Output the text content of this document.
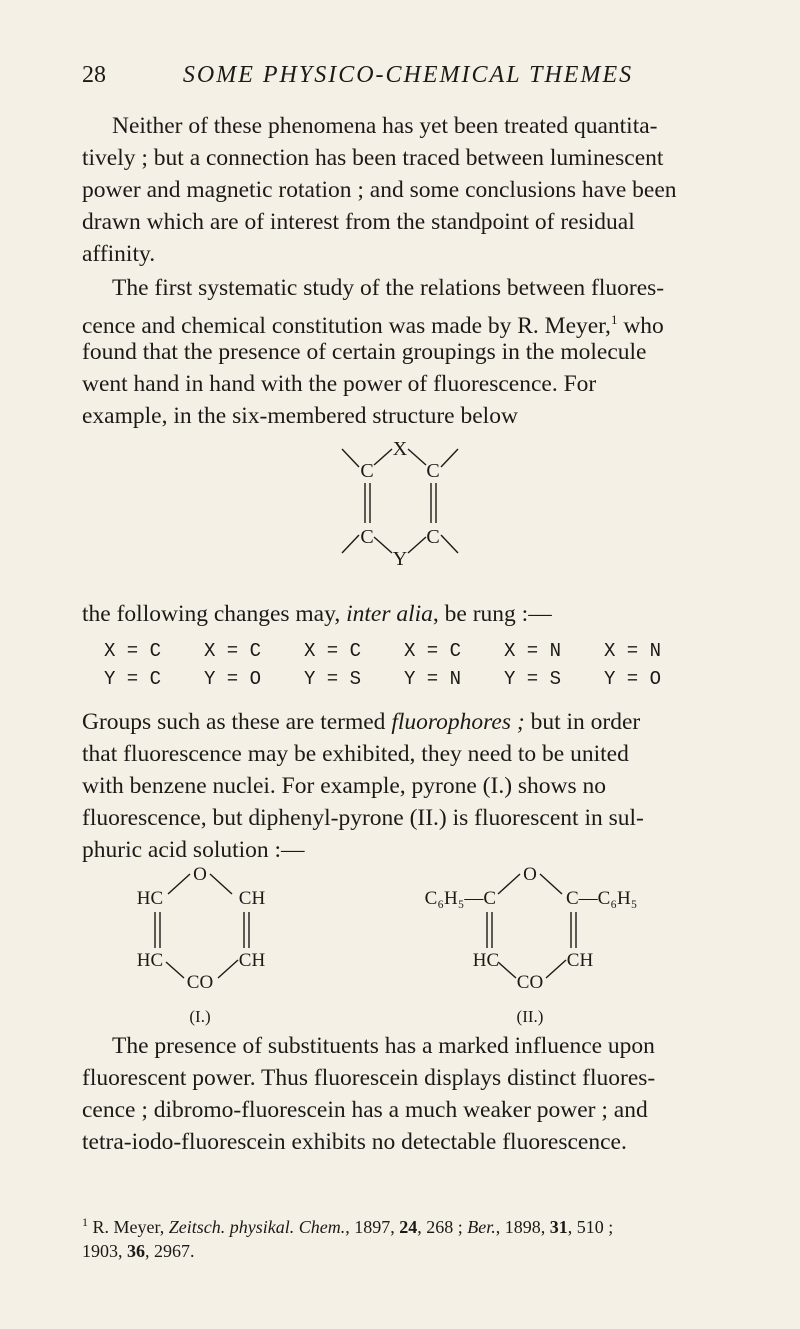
28	SOME PHYSICO-CHEMICAL THEMES
Neither of these phenomena has yet been treated quantita-
tively ; but a connection has been traced between luminescent
power and magnetic rotation ; and some conclusions have been
drawn which are of interest from the standpoint of residual
affinity.
The first systematic study of the relations between fluores-
cence and chemical constitution was made by R. Meyer,$^1$ who
found that the presence of certain groupings in the molecule
went hand in hand with the power of fluorescence. For
example, in the six-membered structure below
X
C	C
C	C
Y
the following changes may, inter alia, be rung :—
X = C	X = C	X = C	X = C	X = N	X = N
Y = C	Y = O	Y = S	Y = N	Y = S	Y = O
Groups such as these are termed fluorophores ; but in order
that fluorescence may be exhibited, they need to be united
with benzene nuclei. For example, pyrone (I.) shows no
fluorescence, but diphenyl-pyrone (II.) is fluorescent in sul-
phuric acid solution :—
O
HC	CH
HC	CH
CO
(I.)
O
C₆H₅—C	C—C₆H₅
HC	CH
CO
(II.)
The presence of substituents has a marked influence upon
fluorescent power. Thus fluorescein displays distinct fluores-
cence ; dibromo-fluorescein has a much weaker power ; and
tetra-iodo-fluorescein exhibits no detectable fluorescence.
$^1$ R. Meyer, Zeitsch. physikal. Chem., 1897, 24, 268 ; Ber., 1898, 31, 510 ;
1903, 36, 2967.
